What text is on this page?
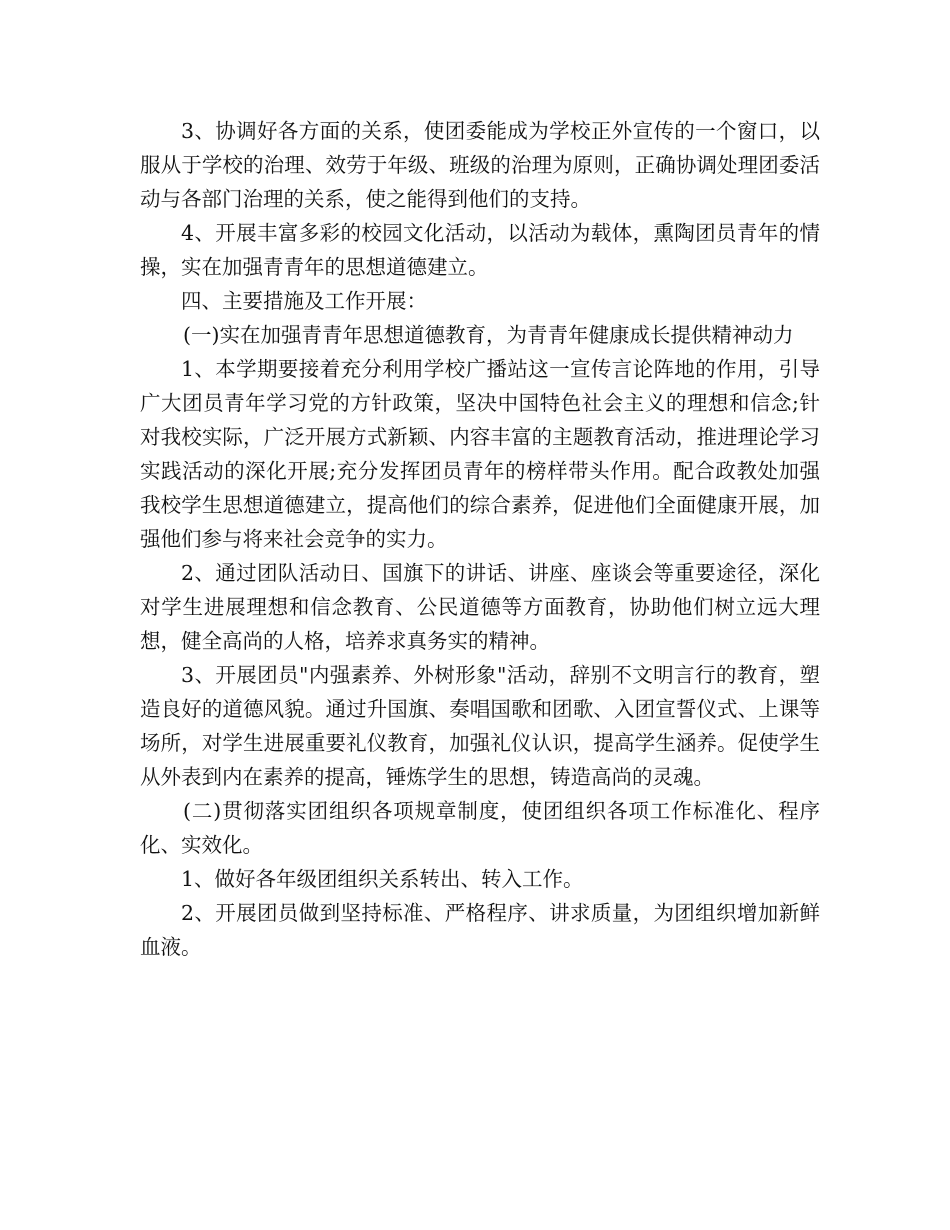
3、协调好各方面的关系，使团委能成为学校正外宣传的一个窗口，以服从于学校的治理、效劳于年级、班级的治理为原则，正确协调处理团委活动与各部门治理的关系，使之能得到他们的支持。

4、开展丰富多彩的校园文化活动，以活动为载体，熏陶团员青年的情操，实在加强青青年的思想道德建立。

四、主要措施及工作开展：

(一)实在加强青青年思想道德教育，为青青年健康成长提供精神动力

1、本学期要接着充分利用学校广播站这一宣传言论阵地的作用，引导广大团员青年学习党的方针政策，坚决中国特色社会主义的理想和信念;针对我校实际，广泛开展方式新颖、内容丰富的主题教育活动，推进理论学习实践活动的深化开展;充分发挥团员青年的榜样带头作用。配合政教处加强我校学生思想道德建立，提高他们的综合素养，促进他们全面健康开展，加强他们参与将来社会竞争的实力。

2、通过团队活动日、国旗下的讲话、讲座、座谈会等重要途径，深化对学生进展理想和信念教育、公民道德等方面教育，协助他们树立远大理想，健全高尚的人格，培养求真务实的精神。

3、开展团员"内强素养、外树形象"活动，辞别不文明言行的教育，塑造良好的道德风貌。通过升国旗、奏唱国歌和团歌、入团宣誓仪式、上课等场所，对学生进展重要礼仪教育，加强礼仪认识，提高学生涵养。促使学生从外表到内在素养的提高，锤炼学生的思想，铸造高尚的灵魂。

(二)贯彻落实团组织各项规章制度，使团组织各项工作标准化、程序化、实效化。

1、做好各年级团组织关系转出、转入工作。

2、开展团员做到坚持标准、严格程序、讲求质量，为团组织增加新鲜血液。
